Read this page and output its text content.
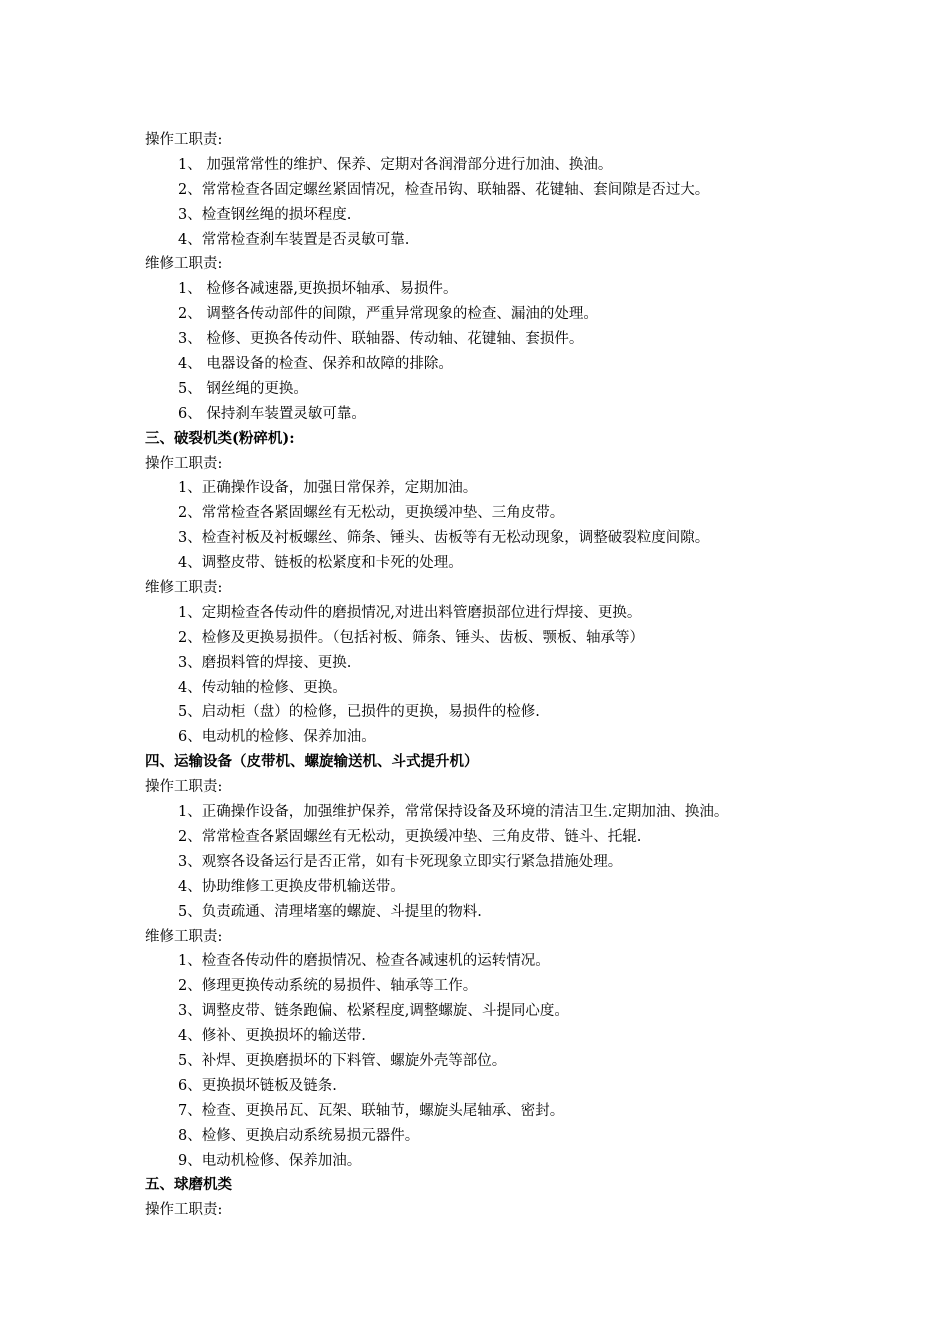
操作工职责:
1、 加强常常性的维护、保养、定期对各润滑部分进行加油、换油。
2、常常检查各固定螺丝紧固情况，检查吊钩、联轴器、花键轴、套间隙是否过大。
3、检查钢丝绳的损坏程度.
4、常常检查刹车装置是否灵敏可靠.
维修工职责:
1、 检修各减速器,更换损坏轴承、易损件。
2、 调整各传动部件的间隙，严重异常现象的检查、漏油的处理。
3、 检修、更换各传动件、联轴器、传动轴、花键轴、套损件。
4、 电器设备的检查、保养和故障的排除。
5、 钢丝绳的更换。
6、 保持刹车装置灵敏可靠。
三、破裂机类(粉碎机):
操作工职责:
1、正确操作设备，加强日常保养，定期加油。
2、常常检查各紧固螺丝有无松动，更换缓冲垫、三角皮带。
3、检查衬板及衬板螺丝、筛条、锤头、齿板等有无松动现象，调整破裂粒度间隙。
4、调整皮带、链板的松紧度和卡死的处理。
维修工职责:
1、定期检查各传动件的磨损情况,对进出料管磨损部位进行焊接、更换。
2、检修及更换易损件。（包括衬板、筛条、锤头、齿板、颚板、轴承等）
3、磨损料管的焊接、更换.
4、传动轴的检修、更换。
5、启动柜（盘）的检修，已损件的更换，易损件的检修.
6、电动机的检修、保养加油。
四、运输设备（皮带机、螺旋输送机、斗式提升机）
操作工职责:
1、正确操作设备，加强维护保养，常常保持设备及环境的清洁卫生.定期加油、换油。
2、常常检查各紧固螺丝有无松动，更换缓冲垫、三角皮带、链斗、托辊.
3、观察各设备运行是否正常，如有卡死现象立即实行紧急措施处理。
4、协助维修工更换皮带机输送带。
5、负责疏通、清理堵塞的螺旋、斗提里的物料.
维修工职责:
1、检查各传动件的磨损情况、检查各减速机的运转情况。
2、修理更换传动系统的易损件、轴承等工作。
3、调整皮带、链条跑偏、松紧程度,调整螺旋、斗提同心度。
4、修补、更换损坏的输送带.
5、补焊、更换磨损坏的下料管、螺旋外壳等部位。
6、更换损坏链板及链条.
7、检查、更换吊瓦、瓦架、联轴节，螺旋头尾轴承、密封。
8、检修、更换启动系统易损元器件。
9、电动机检修、保养加油。
五、球磨机类
操作工职责:
